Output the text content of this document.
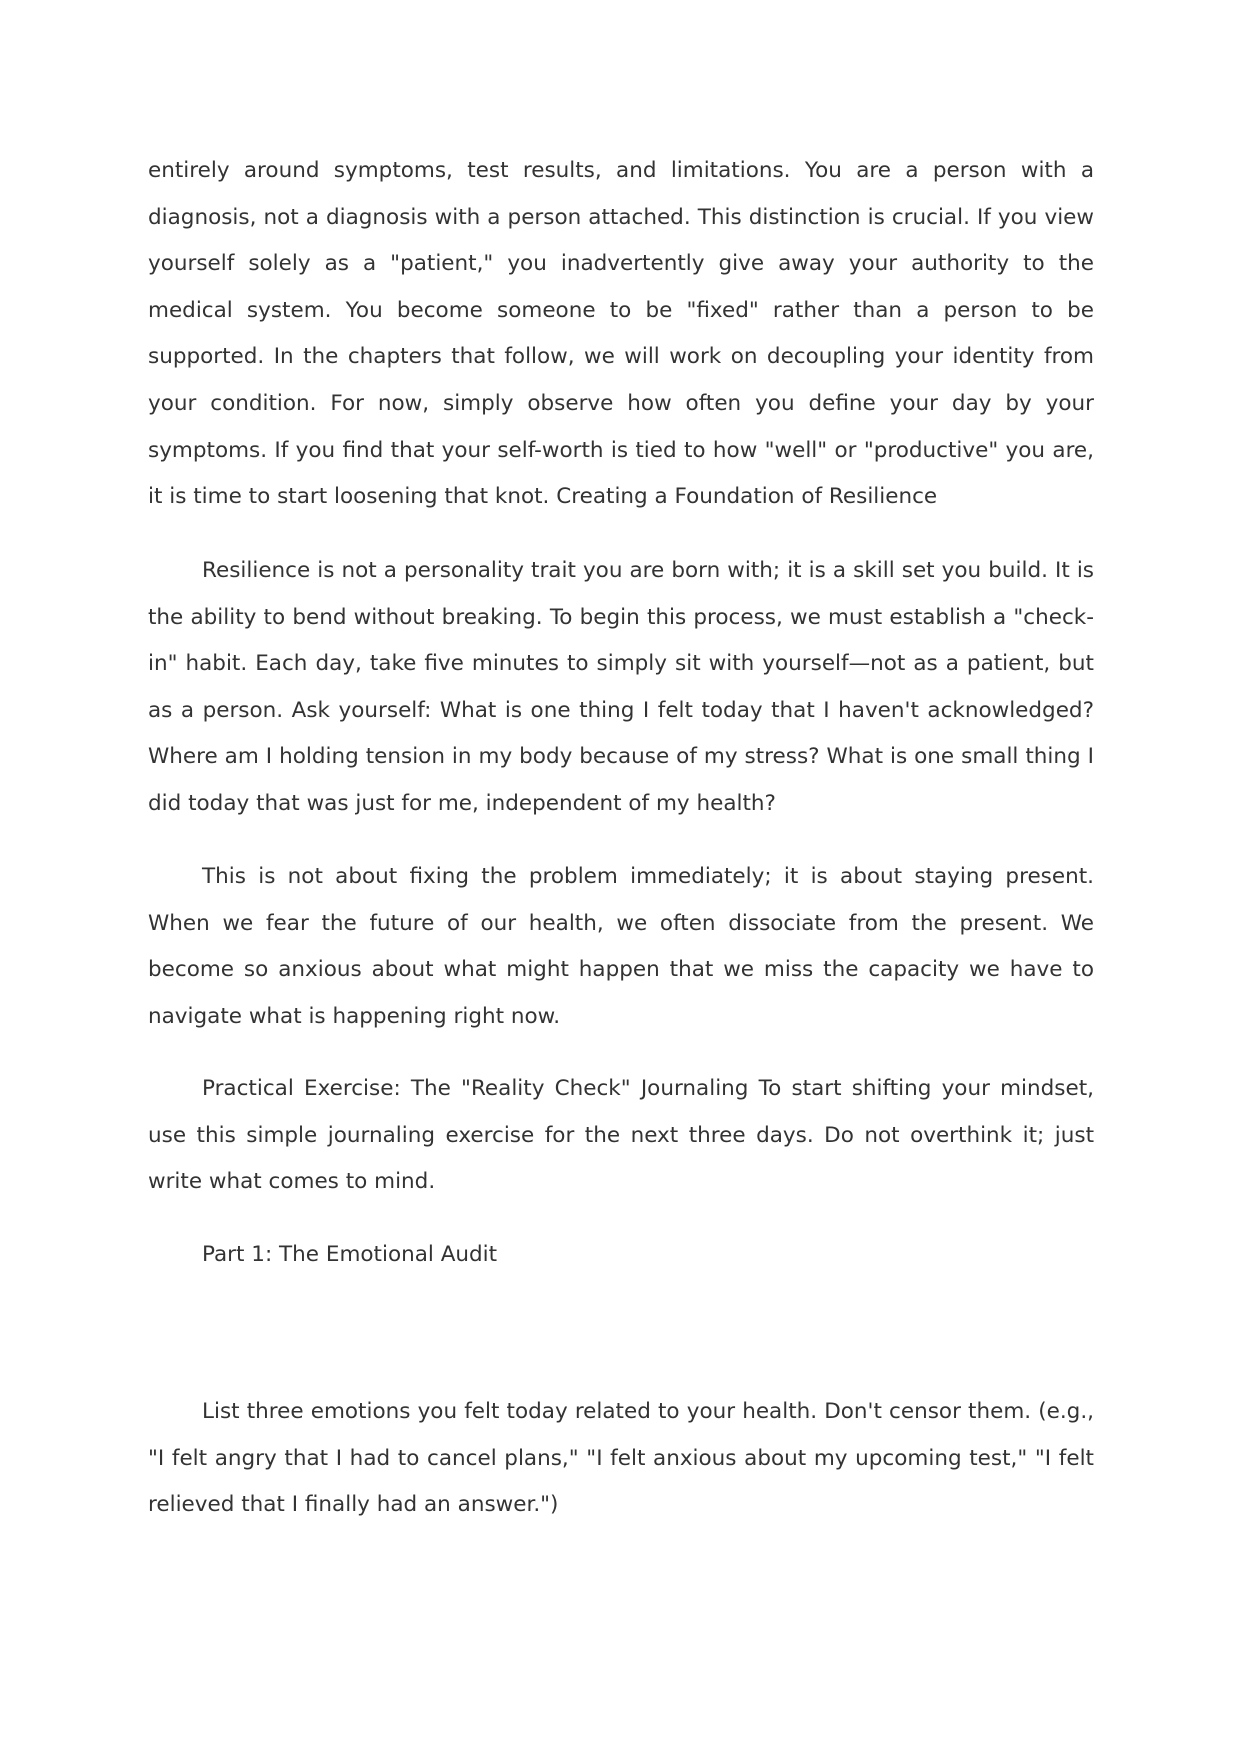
entirely around symptoms, test results, and limitations. You are a person with a diagnosis, not a diagnosis with a person attached. This distinction is crucial. If you view yourself solely as a "patient," you inadvertently give away your authority to the medical system. You become someone to be "fixed" rather than a person to be supported. In the chapters that follow, we will work on decoupling your identity from your condition. For now, simply observe how often you define your day by your symptoms. If you find that your self-worth is tied to how "well" or "productive" you are, it is time to start loosening that knot. Creating a Foundation of Resilience

Resilience is not a personality trait you are born with; it is a skill set you build. It is the ability to bend without breaking. To begin this process, we must establish a "check-in" habit. Each day, take five minutes to simply sit with yourself—not as a patient, but as a person. Ask yourself: What is one thing I felt today that I haven't acknowledged? Where am I holding tension in my body because of my stress? What is one small thing I did today that was just for me, independent of my health?

This is not about fixing the problem immediately; it is about staying present. When we fear the future of our health, we often dissociate from the present. We become so anxious about what might happen that we miss the capacity we have to navigate what is happening right now.

Practical Exercise: The "Reality Check" Journaling To start shifting your mindset, use this simple journaling exercise for the next three days. Do not overthink it; just write what comes to mind.

Part 1: The Emotional Audit

List three emotions you felt today related to your health. Don't censor them. (e.g., "I felt angry that I had to cancel plans," "I felt anxious about my upcoming test," "I felt relieved that I finally had an answer.")
